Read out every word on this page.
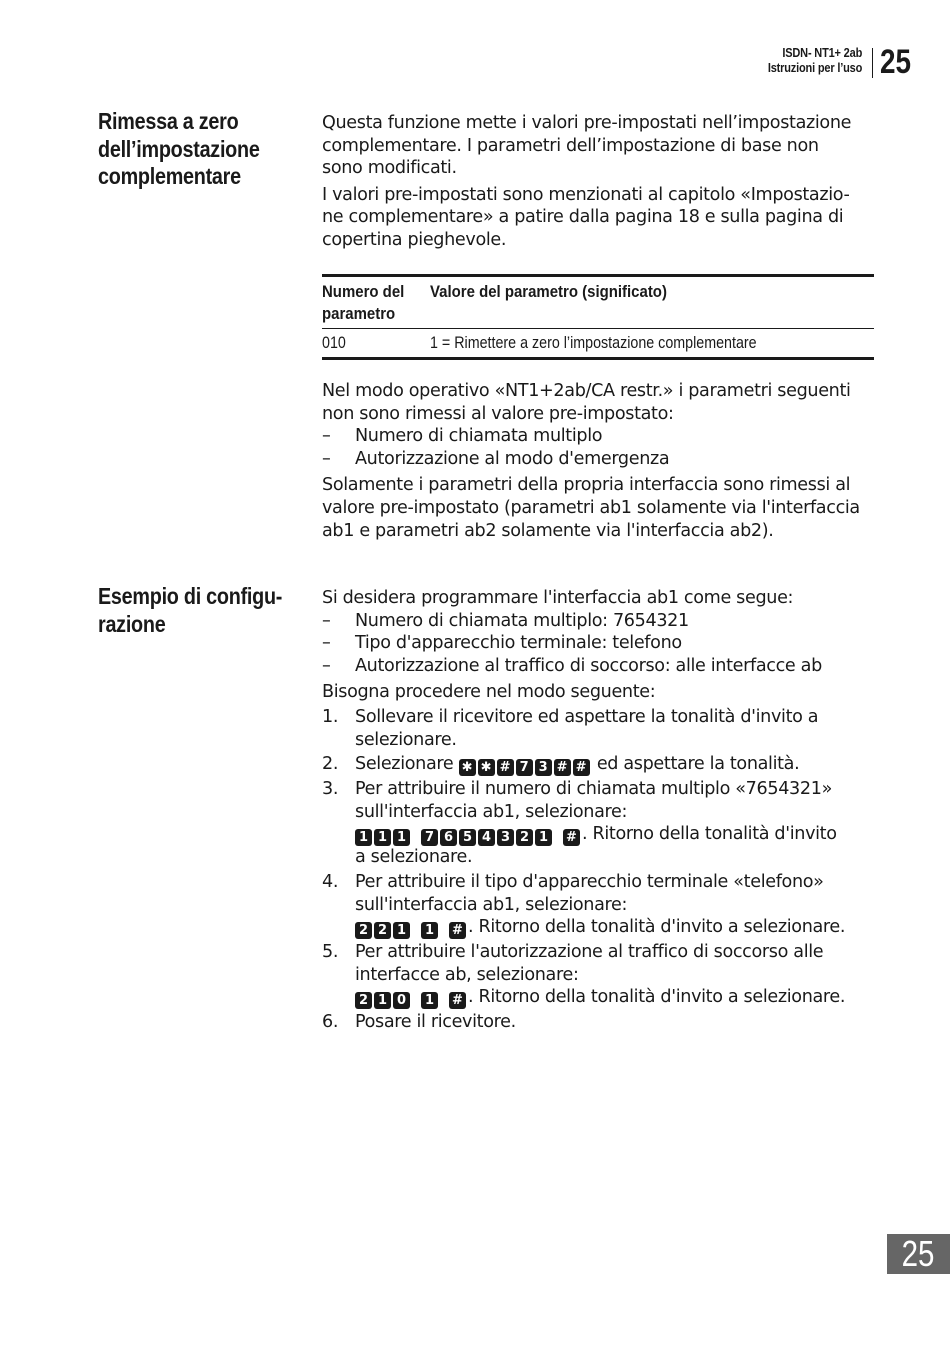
ISDN- NT1+ 2ab
Istruzioni per l’uso 25
Rimessa a zero
dell’impostazione
complementare

Questa funzione mette i valori pre-impostati nell’impostazione
complementare. I parametri dell’impostazione di base non
sono modificati.

I valori pre-impostati sono menzionati al capitolo «Impostazio-
ne complementare» a patire dalla pagina 18 e sulla pagina di
copertina pieghevole.

Numero del
parametro
Valore del parametro (significato)
010	1 = Rimettere a zero l’impostazione complementare

Nel modo operativo «NT1+2ab/CA restr.» i parametri seguenti
non sono rimessi al valore pre-impostato:

– Numero di chiamata multiplo
– Autorizzazione al modo d'emergenza

Solamente i parametri della propria interfaccia sono rimessi al
valore pre-impostato (parametri ab1 solamente via l'interfaccia
ab1 e parametri ab2 solamente via l'interfaccia ab2).

Esempio di configu-
razione

Si desidera programmare l'interfaccia ab1 come segue:

– Numero di chiamata multiplo: 7654321
– Tipo d'apparecchio terminale: telefono
– Autorizzazione al traffico di soccorso: alle interfacce ab

Bisogna procedere nel modo seguente:

1. Sollevare il ricevitore ed aspettare la tonalità d'invito a
selezionare.
2. Selezionare ✱ ✱ # 7 3 # # ed aspettare la tonalità.
3. Per attribuire il numero di chiamata multiplo «7654321»
sull'interfaccia ab1, selezionare:
1 1 1 7 6 5 4 3 2 1 # . Ritorno della tonalità d'invito
a selezionare.
4. Per attribuire il tipo d'apparecchio terminale «telefono»
sull'interfaccia ab1, selezionare:
2 2 1 1 # . Ritorno della tonalità d'invito a selezionare.
5. Per attribuire l'autorizzazione al traffico di soccorso alle
interfacce ab, selezionare:
2 1 0 1 # . Ritorno della tonalità d'invito a selezionare.
6. Posare il ricevitore.
25
